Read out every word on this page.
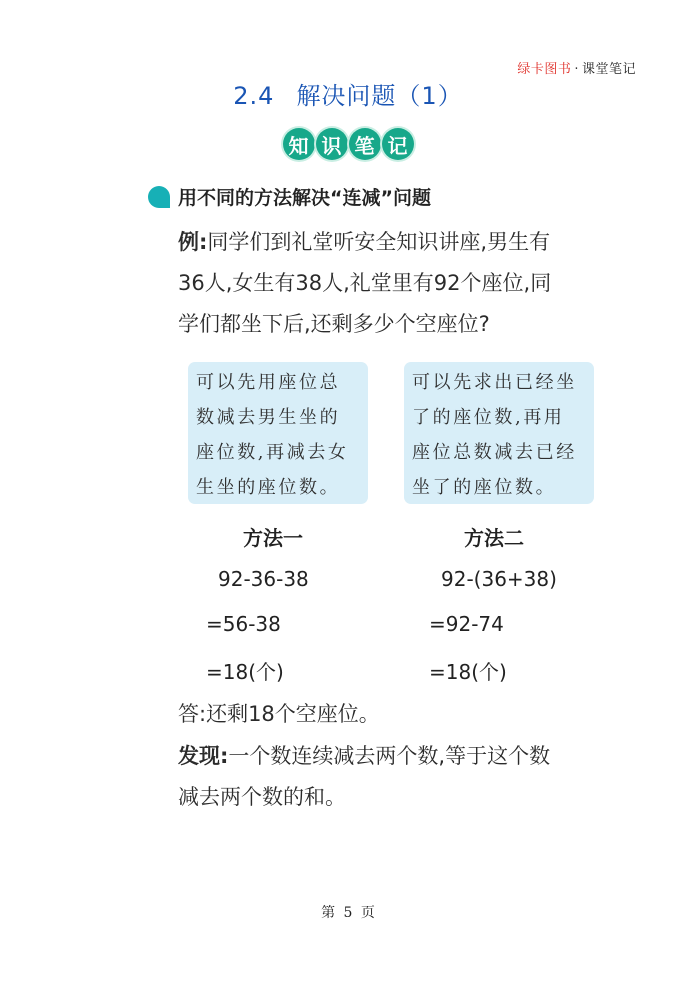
绿卡图书 · 课堂笔记
2.4 解决问题（1）
知 识 笔 记
用不同的方法解决“连减”问题
例:同学们到礼堂听安全知识讲座,男生有
36人,女生有38人,礼堂里有92个座位,同
学们都坐下后,还剩多少个空座位?
可以先用座位总
数减去男生坐的
座位数,再减去女
生坐的座位数。
可以先求出已经坐
了的座位数,再用
座位总数减去已经
坐了的座位数。
方法一	方法二
92-36-38
=56-38
=18(个)
92-(36+38)
=92-74
=18(个)
答:还剩18个空座位。
发现:一个数连续减去两个数,等于这个数
减去两个数的和。
第 5 页
